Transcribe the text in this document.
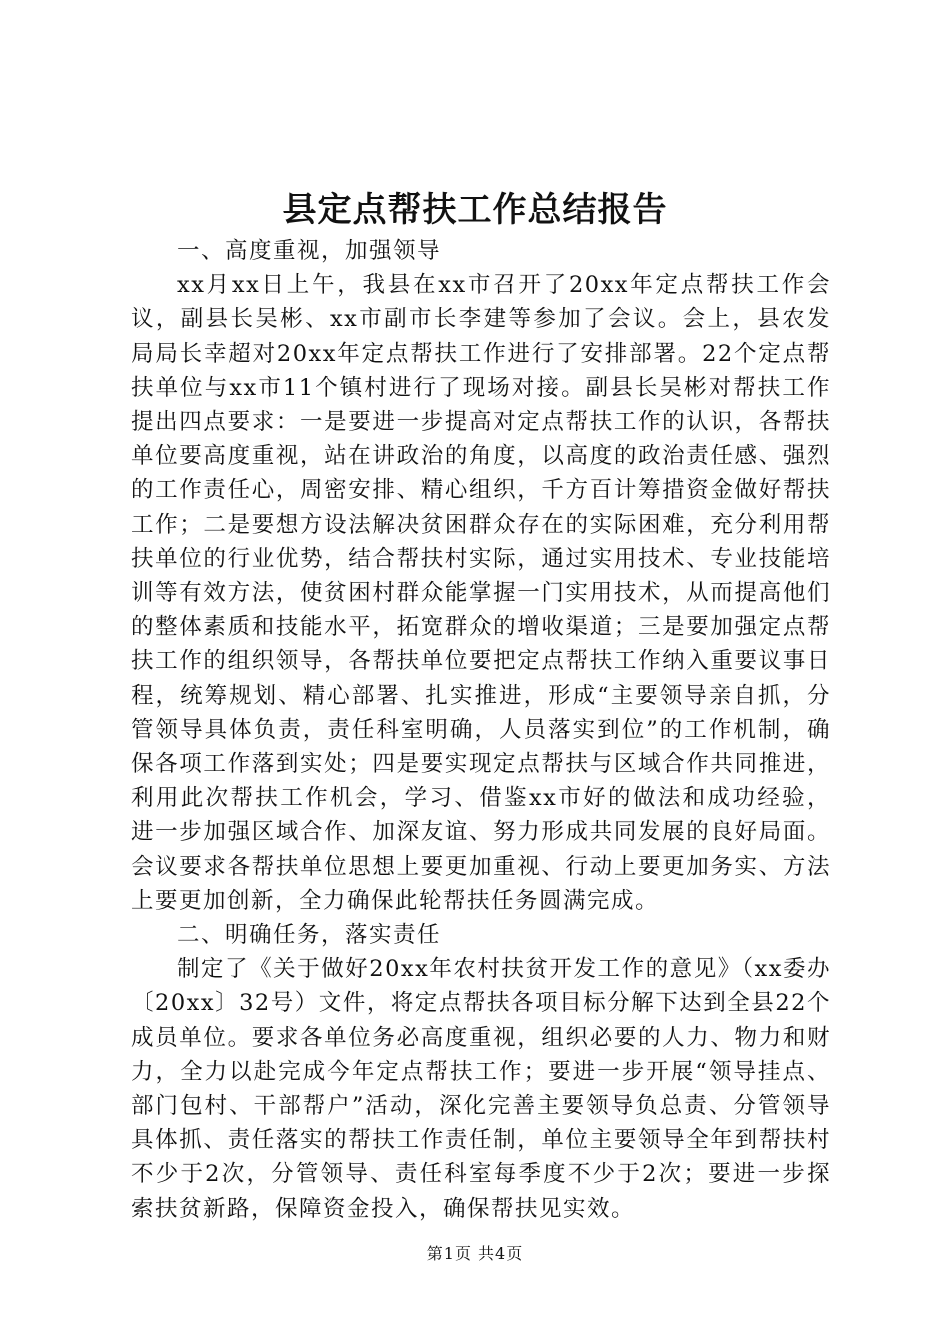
县定点帮扶工作总结报告
一、高度重视，加强领导

xx月xx日上午，我县在xx市召开了20xx年定点帮扶工作会议，副县长吴彬、xx市副市长李建等参加了会议。会上，县农发局局长幸超对20xx年定点帮扶工作进行了安排部署。22个定点帮扶单位与xx市11个镇村进行了现场对接。副县长吴彬对帮扶工作提出四点要求：一是要进一步提高对定点帮扶工作的认识，各帮扶单位要高度重视，站在讲政治的角度，以高度的政治责任感、强烈的工作责任心，周密安排、精心组织，千方百计筹措资金做好帮扶工作；二是要想方设法解决贫困群众存在的实际困难，充分利用帮扶单位的行业优势，结合帮扶村实际，通过实用技术、专业技能培训等有效方法，使贫困村群众能掌握一门实用技术，从而提高他们的整体素质和技能水平，拓宽群众的增收渠道；三是要加强定点帮扶工作的组织领导，各帮扶单位要把定点帮扶工作纳入重要议事日程，统筹规划、精心部署、扎实推进，形成“主要领导亲自抓，分管领导具体负责，责任科室明确，人员落实到位”的工作机制，确保各项工作落到实处；四是要实现定点帮扶与区域合作共同推进，利用此次帮扶工作机会，学习、借鉴xx市好的做法和成功经验，进一步加强区域合作、加深友谊、努力形成共同发展的良好局面。会议要求各帮扶单位思想上要更加重视、行动上要更加务实、方法上要更加创新，全力确保此轮帮扶任务圆满完成。

二、明确任务，落实责任

制定了《关于做好20xx年农村扶贫开发工作的意见》（xx委办〔20xx〕32号）文件，将定点帮扶各项目标分解下达到全县22个成员单位。要求各单位务必高度重视，组织必要的人力、物力和财力，全力以赴完成今年定点帮扶工作；要进一步开展“领导挂点、部门包村、干部帮户”活动，深化完善主要领导负总责、分管领导具体抓、责任落实的帮扶工作责任制，单位主要领导全年到帮扶村不少于2次，分管领导、责任科室每季度不少于2次；要进一步探索扶贫新路，保障资金投入，确保帮扶见实效。

第1页 共4页
